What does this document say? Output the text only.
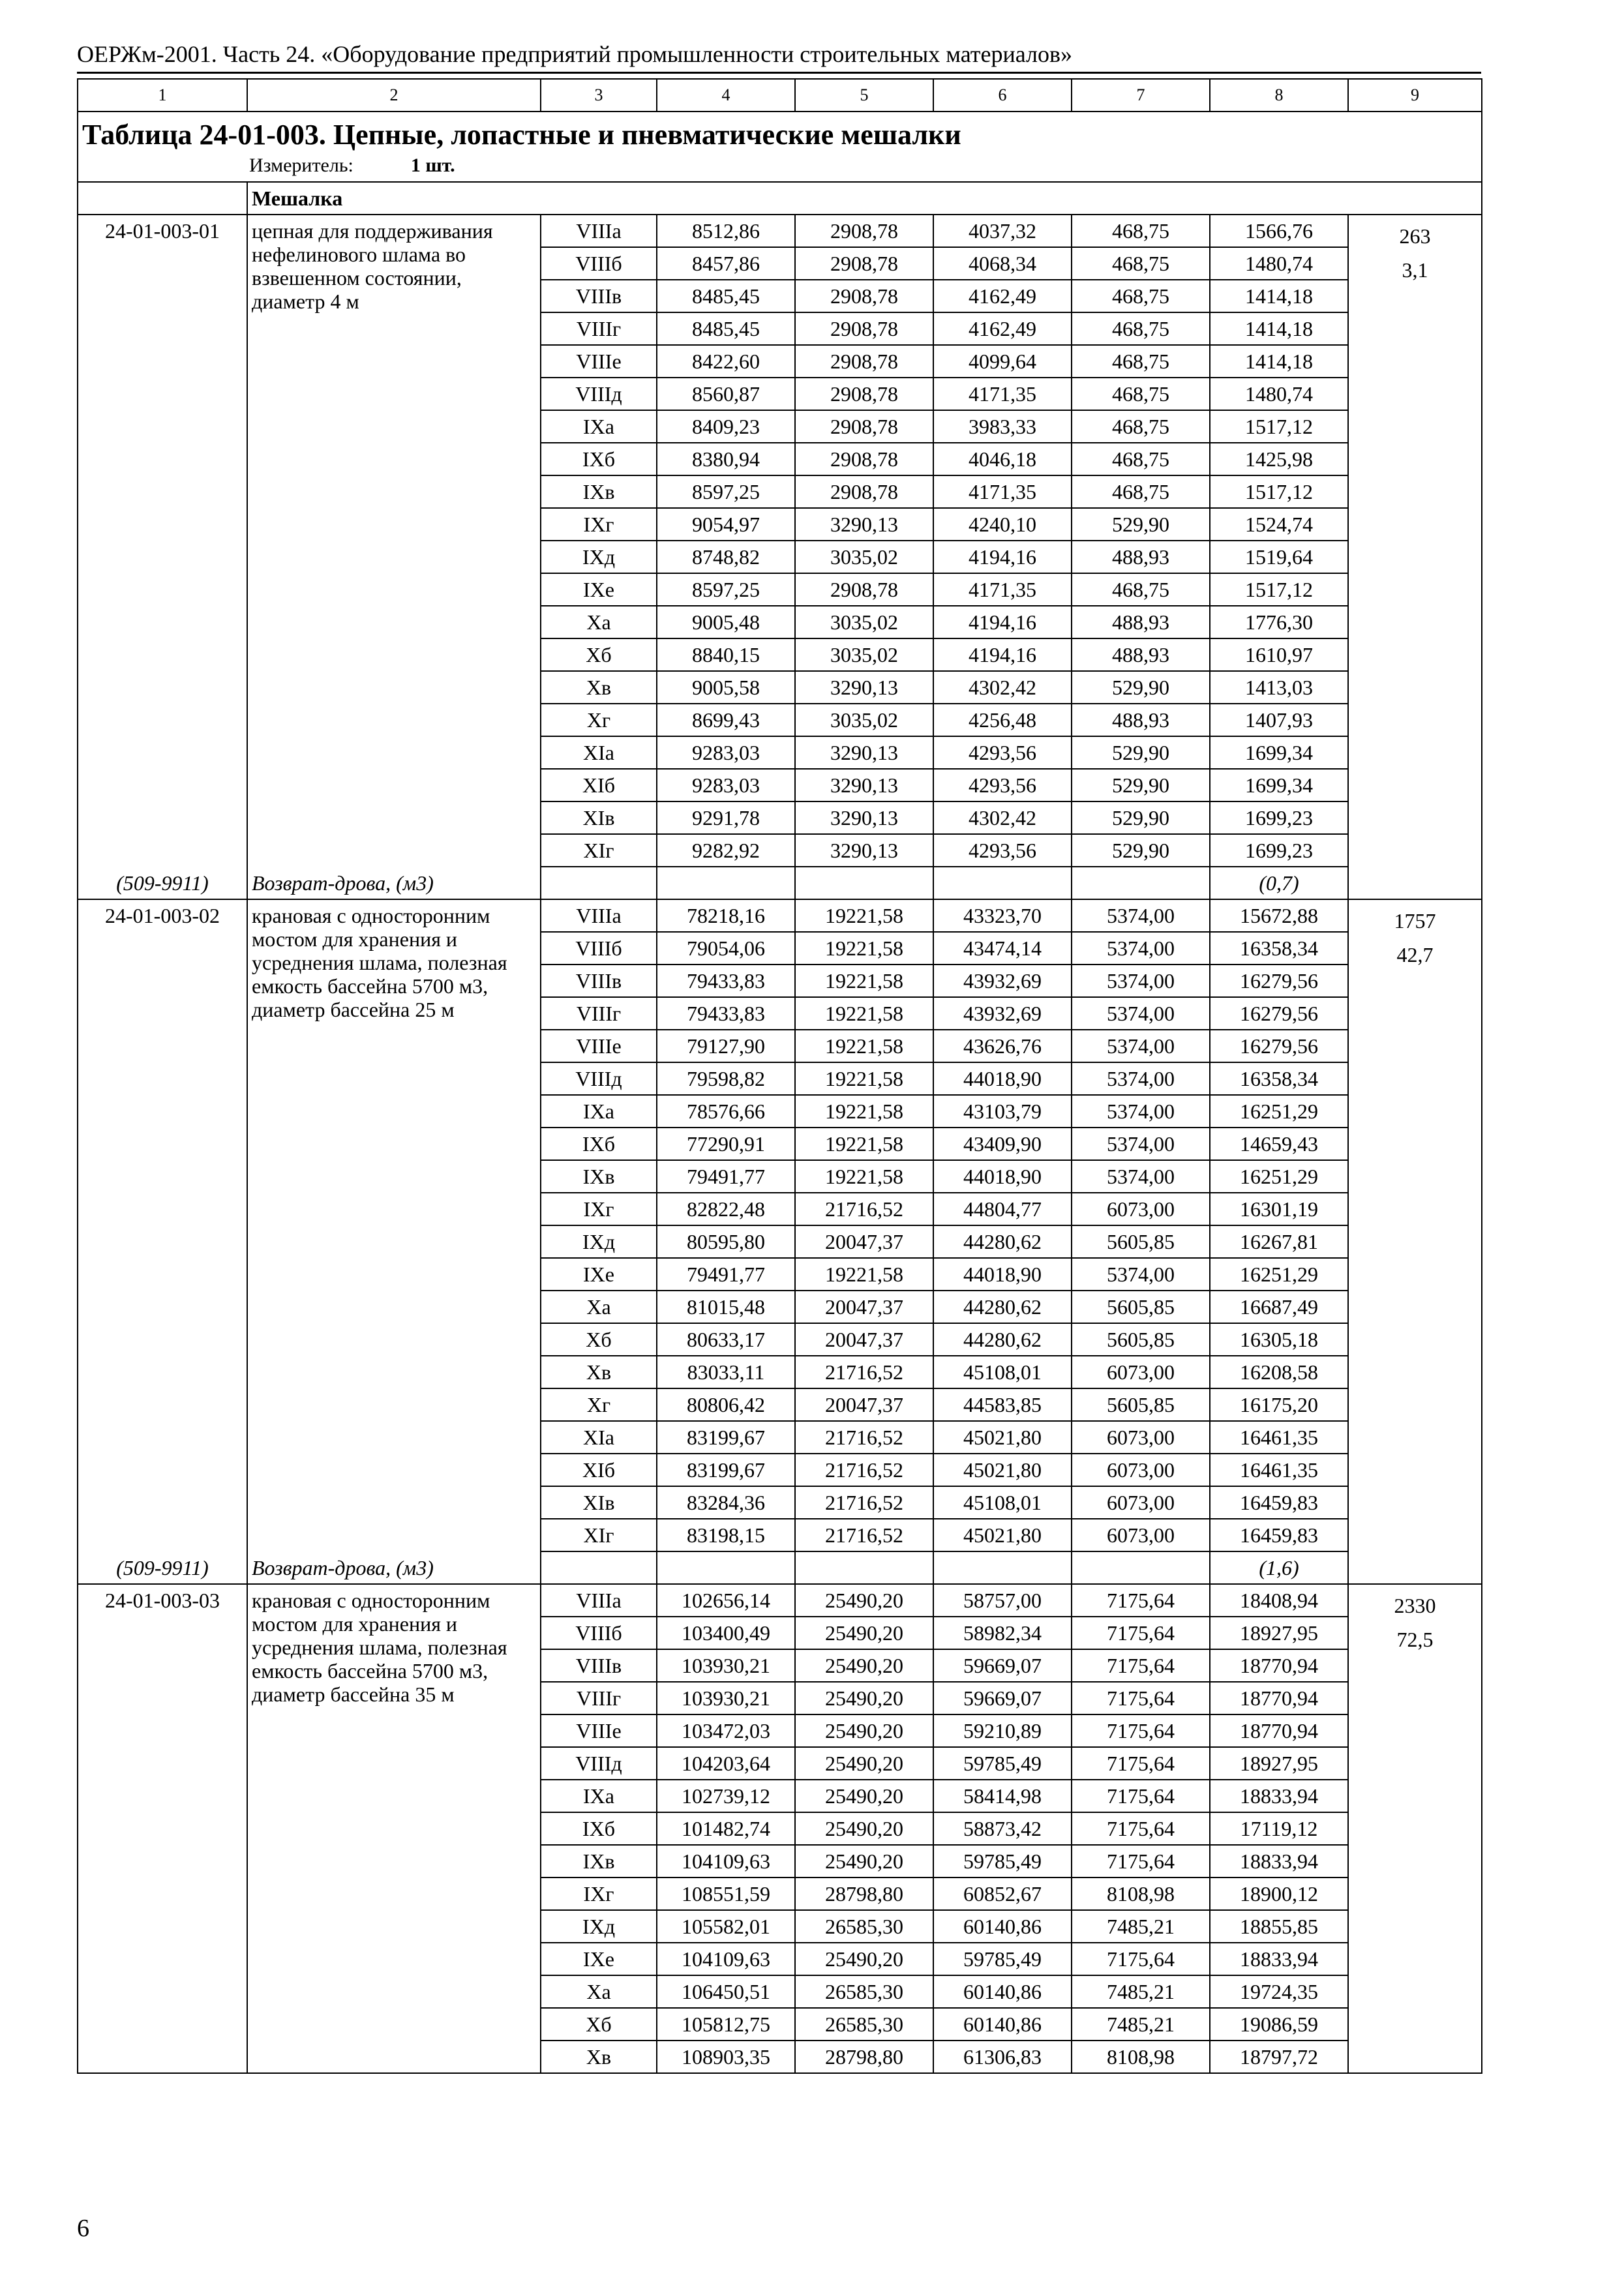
ОЕРЖм-2001. Часть 24. «Оборудование предприятий промышленности строительных материалов»
1	2	3	4	5	6	7	8	9

Таблица 24-01-003. Цепные, лопастные и пневматические мешалки
Измеритель: 1 шт.								

	Мешалка							
24-01-003-01	цепная для поддерживания нефелинового шлама во взвешенном состоянии, диаметр 4 м	VIIIа	8512,86	2908,78	4037,32	468,75	1566,76	263
3,1

		VIIIб	8457,86	2908,78	4068,34	468,75	1480,74	
		VIIIв	8485,45	2908,78	4162,49	468,75	1414,18	
		VIIIг	8485,45	2908,78	4162,49	468,75	1414,18	
		VIIIе	8422,60	2908,78	4099,64	468,75	1414,18	
		VIIIд	8560,87	2908,78	4171,35	468,75	1480,74	
		IXа	8409,23	2908,78	3983,33	468,75	1517,12	
		IXб	8380,94	2908,78	4046,18	468,75	1425,98	
		IXв	8597,25	2908,78	4171,35	468,75	1517,12	
		IXг	9054,97	3290,13	4240,10	529,90	1524,74	
		IXд	8748,82	3035,02	4194,16	488,93	1519,64	
		IXе	8597,25	2908,78	4171,35	468,75	1517,12	
		Xа	9005,48	3035,02	4194,16	488,93	1776,30	
		Xб	8840,15	3035,02	4194,16	488,93	1610,97	
		Xв	9005,58	3290,13	4302,42	529,90	1413,03	
		Xг	8699,43	3035,02	4256,48	488,93	1407,93	
		XIа	9283,03	3290,13	4293,56	529,90	1699,34	
		XIб	9283,03	3290,13	4293,56	529,90	1699,34	
		XIв	9291,78	3290,13	4302,42	529,90	1699,23	
		XIг	9282,92	3290,13	4293,56	529,90	1699,23	
(509-9911)	Возврат-дрова, (м3)						(0,7)	
24-01-003-02	крановая с односторонним мостом для хранения и усреднения шлама, полезная емкость бассейна 5700 м3, диаметр бассейна 25 м	VIIIа	78218,16	19221,58	43323,70	5374,00	15672,88	1757
42,7

		VIIIб	79054,06	19221,58	43474,14	5374,00	16358,34	
		VIIIв	79433,83	19221,58	43932,69	5374,00	16279,56	
		VIIIг	79433,83	19221,58	43932,69	5374,00	16279,56	
		VIIIе	79127,90	19221,58	43626,76	5374,00	16279,56	
		VIIIд	79598,82	19221,58	44018,90	5374,00	16358,34	
		IXа	78576,66	19221,58	43103,79	5374,00	16251,29	
		IXб	77290,91	19221,58	43409,90	5374,00	14659,43	
		IXв	79491,77	19221,58	44018,90	5374,00	16251,29	
		IXг	82822,48	21716,52	44804,77	6073,00	16301,19	
		IXд	80595,80	20047,37	44280,62	5605,85	16267,81	
		IXе	79491,77	19221,58	44018,90	5374,00	16251,29	
		Xа	81015,48	20047,37	44280,62	5605,85	16687,49	
		Xб	80633,17	20047,37	44280,62	5605,85	16305,18	
		Xв	83033,11	21716,52	45108,01	6073,00	16208,58	
		Xг	80806,42	20047,37	44583,85	5605,85	16175,20	
		XIа	83199,67	21716,52	45021,80	6073,00	16461,35	
		XIб	83199,67	21716,52	45021,80	6073,00	16461,35	
		XIв	83284,36	21716,52	45108,01	6073,00	16459,83	
		XIг	83198,15	21716,52	45021,80	6073,00	16459,83	
(509-9911)	Возврат-дрова, (м3)						(1,6)	
24-01-003-03	крановая с односторонним мостом для хранения и усреднения шлама, полезная емкость бассейна 5700 м3, диаметр бассейна 35 м	VIIIа	102656,14	25490,20	58757,00	7175,64	18408,94	2330
72,5

		VIIIб	103400,49	25490,20	58982,34	7175,64	18927,95	
		VIIIв	103930,21	25490,20	59669,07	7175,64	18770,94	
		VIIIг	103930,21	25490,20	59669,07	7175,64	18770,94	
		VIIIе	103472,03	25490,20	59210,89	7175,64	18770,94	
		VIIIд	104203,64	25490,20	59785,49	7175,64	18927,95	
		IXа	102739,12	25490,20	58414,98	7175,64	18833,94	
		IXб	101482,74	25490,20	58873,42	7175,64	17119,12	
		IXв	104109,63	25490,20	59785,49	7175,64	18833,94	
		IXг	108551,59	28798,80	60852,67	8108,98	18900,12	
		IXд	105582,01	26585,30	60140,86	7485,21	18855,85	
		IXе	104109,63	25490,20	59785,49	7175,64	18833,94	
		Xа	106450,51	26585,30	60140,86	7485,21	19724,35	
		Xб	105812,75	26585,30	60140,86	7485,21	19086,59	
		Xв	108903,35	28798,80	61306,83	8108,98	18797,72	
6
